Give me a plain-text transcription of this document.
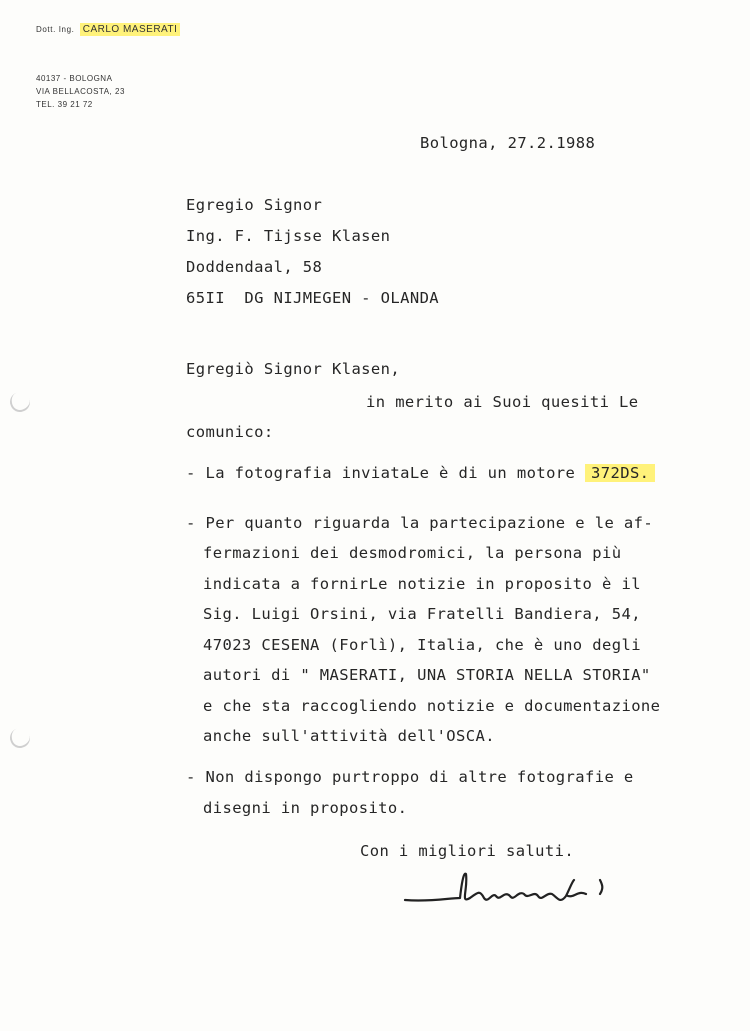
Dott. Ing. CARLO MASERATI
40137 - BOLOGNA
VIA BELLACOSTA, 23
TEL. 39 21 72
Bologna, 27.2.1988
Egregio Signor
Ing. F. Tijsse Klasen
Doddendaal, 58
65II  DG NIJMEGEN - OLANDA
Egregiò Signor Klasen,
in merito ai Suoi quesiti Le
comunico:
- La fotografia inviataLe è di un motore 372DS.
- Per quanto riguarda la partecipazione e le af-
fermazioni dei desmodromici, la persona più
indicata a fornirLe notizie in proposito è il
Sig. Luigi Orsini, via Fratelli Bandiera, 54,
47023 CESENA (Forlì), Italia, che è uno degli
autori di " MASERATI, UNA STORIA NELLA STORIA"
e che sta raccogliendo notizie e documentazione
anche sull'attività dell'OSCA.
- Non dispongo purtroppo di altre fotografie e
disegni in proposito.
Con i migliori saluti.
